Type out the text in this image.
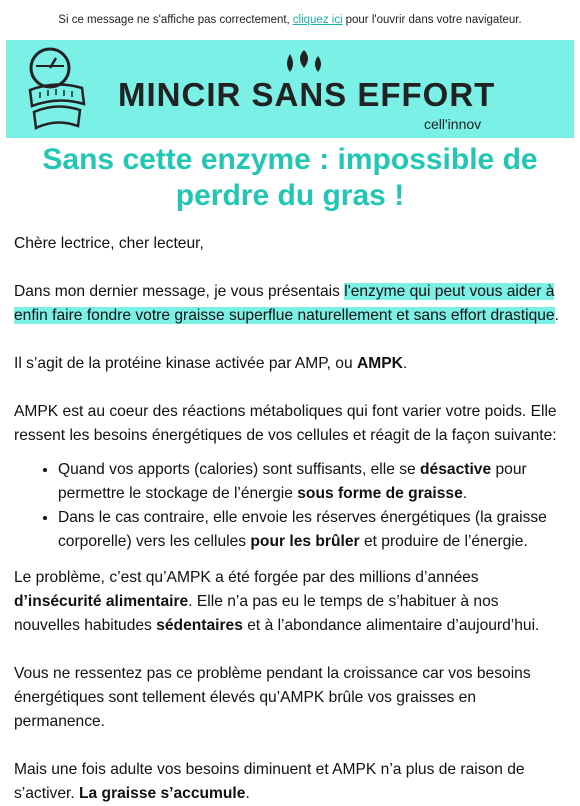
Si ce message ne s'affiche pas correctement, cliquez ici pour l'ouvrir dans votre navigateur.
MINCIR SANS EFFORT
cell'innov
Sans cette enzyme : impossible de perdre du gras !

Chère lectrice, cher lecteur,

Dans mon dernier message, je vous présentais l'enzyme qui peut vous aider à enfin faire fondre votre graisse superflue naturellement et sans effort drastique.

Il s’agit de la protéine kinase activée par AMP, ou AMPK.

AMPK est au coeur des réactions métaboliques qui font varier votre poids. Elle ressent les besoins énergétiques de vos cellules et réagit de la façon suivante:

• Quand vos apports (calories) sont suffisants, elle se désactive pour permettre le stockage de l’énergie sous forme de graisse.
• Dans le cas contraire, elle envoie les réserves énergétiques (la graisse corporelle) vers les cellules pour les brûler et produire de l’énergie.

Le problème, c’est qu’AMPK a été forgée par des millions d’années d’insécurité alimentaire. Elle n’a pas eu le temps de s’habituer à nos nouvelles habitudes sédentaires et à l’abondance alimentaire d’aujourd’hui.

Vous ne ressentez pas ce problème pendant la croissance car vos besoins énergétiques sont tellement élevés qu’AMPK brûle vos graisses en permanence.

Mais une fois adulte vos besoins diminuent et AMPK n’a plus de raison de s’activer. La graisse s’accumule.
